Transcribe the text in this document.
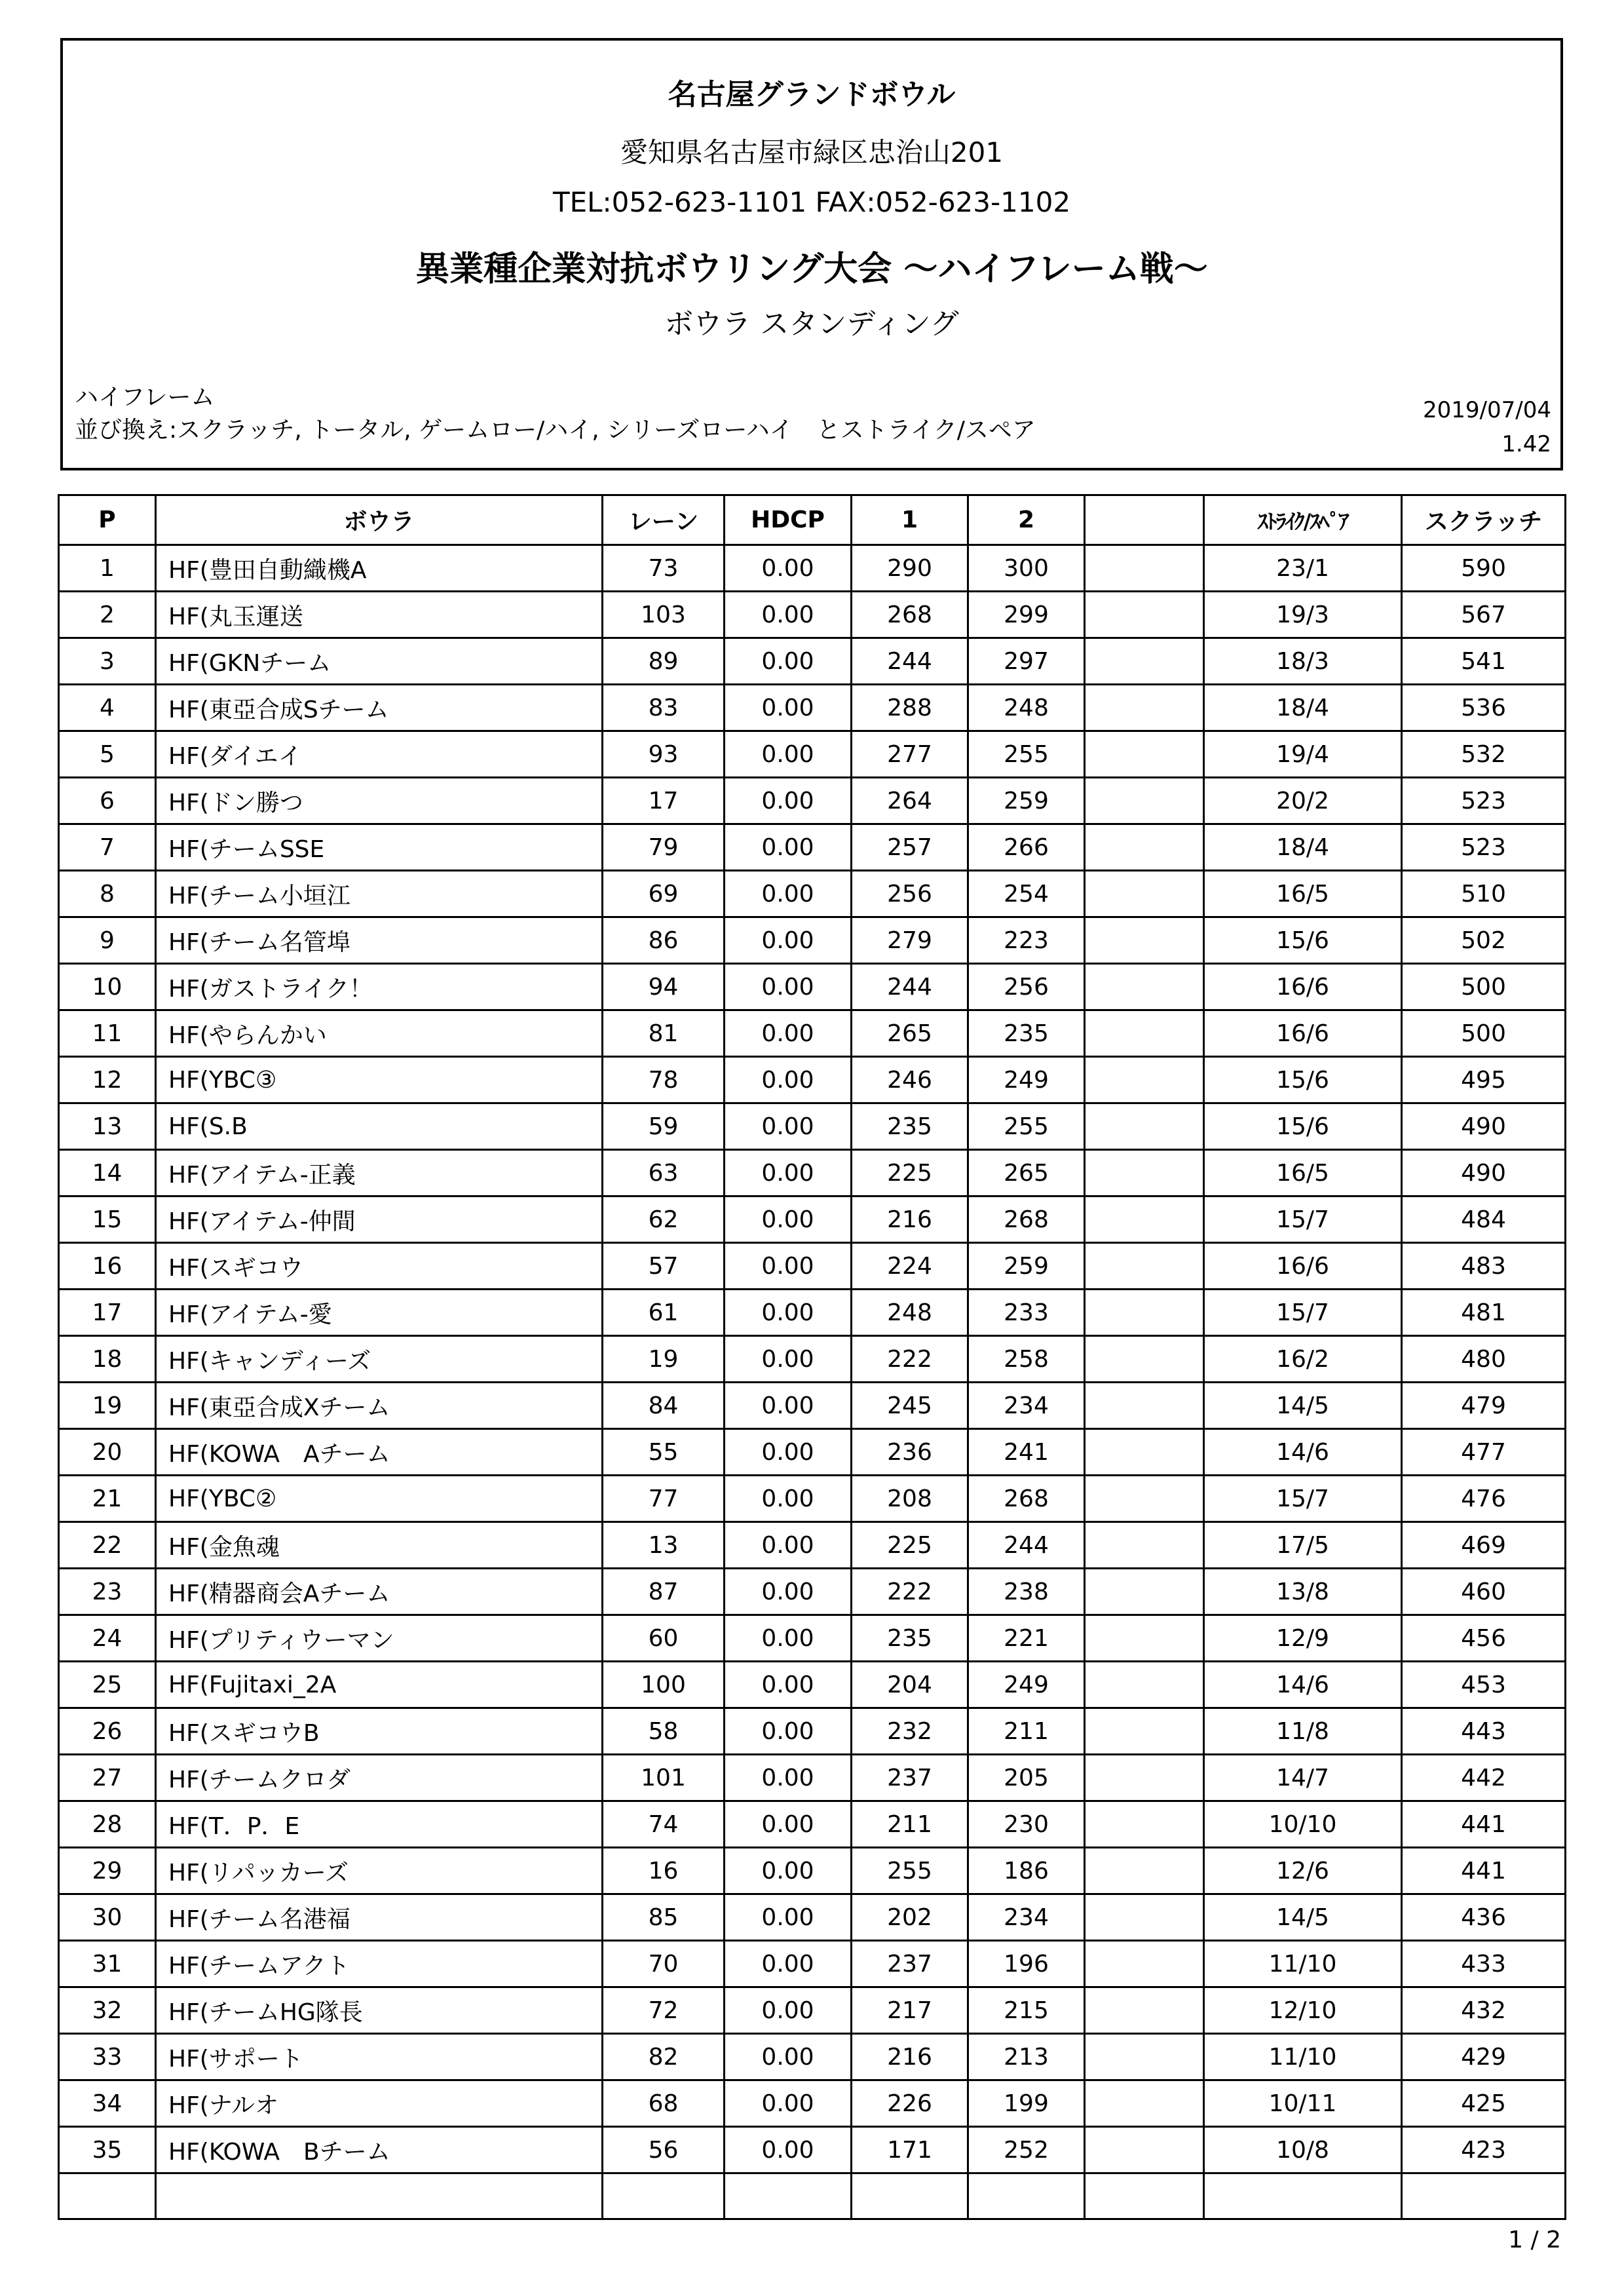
名古屋グランドボウル
愛知県名古屋市緑区忠治山201
TEL:052-623-1101 FAX:052-623-1102
異業種企業対抗ボウリング大会 〜ハイフレーム戦〜
ボウラ スタンディング
ハイフレーム
並び換え:スクラッチ, トータル, ゲームロー/ハイ, シリーズローハイ　とストライク/スペア
2019/07/04
1.42
P	ボウラ	レーン	HDCP	1	2		ｽﾄﾗｲｸ/ｽﾍﾟｱ	スクラッチ
1	HF(豊田自動織機A	73	0.00	290	300		23/1	590
2	HF(丸玉運送	103	0.00	268	299		19/3	567
3	HF(GKNチーム	89	0.00	244	297		18/3	541
4	HF(東亞合成Sチーム	83	0.00	288	248		18/4	536
5	HF(ダイエイ	93	0.00	277	255		19/4	532
6	HF(ドン勝つ	17	0.00	264	259		20/2	523
7	HF(チームSSE	79	0.00	257	266		18/4	523
8	HF(チーム小垣江	69	0.00	256	254		16/5	510
9	HF(チーム名管埠	86	0.00	279	223		15/6	502
10	HF(ガストライク！	94	0.00	244	256		16/6	500
11	HF(やらんかい	81	0.00	265	235		16/6	500
12	HF(YBC③	78	0.00	246	249		15/6	495
13	HF(S.B	59	0.00	235	255		15/6	490
14	HF(アイテム-正義	63	0.00	225	265		16/5	490
15	HF(アイテム-仲間	62	0.00	216	268		15/7	484
16	HF(スギコウ	57	0.00	224	259		16/6	483
17	HF(アイテム-愛	61	0.00	248	233		15/7	481
18	HF(キャンディーズ	19	0.00	222	258		16/2	480
19	HF(東亞合成Xチーム	84	0.00	245	234		14/5	479
20	HF(KOWA　Aチーム	55	0.00	236	241		14/6	477
21	HF(YBC②	77	0.00	208	268		15/7	476
22	HF(金魚魂	13	0.00	225	244		17/5	469
23	HF(精器商会Aチーム	87	0.00	222	238		13/8	460
24	HF(プリティウーマン	60	0.00	235	221		12/9	456
25	HF(Fujitaxi_2A	100	0.00	204	249		14/6	453
26	HF(スギコウB	58	0.00	232	211		11/8	443
27	HF(チームクロダ	101	0.00	237	205		14/7	442
28	HF(T．P．E	74	0.00	211	230		10/10	441
29	HF(リパッカーズ	16	0.00	255	186		12/6	441
30	HF(チーム名港福	85	0.00	202	234		14/5	436
31	HF(チームアクト	70	0.00	237	196		11/10	433
32	HF(チームHG隊長	72	0.00	217	215		12/10	432
33	HF(サポート	82	0.00	216	213		11/10	429
34	HF(ナルオ	68	0.00	226	199		10/11	425
35	HF(KOWA　Bチーム	56	0.00	171	252		10/8	423

1 / 2
